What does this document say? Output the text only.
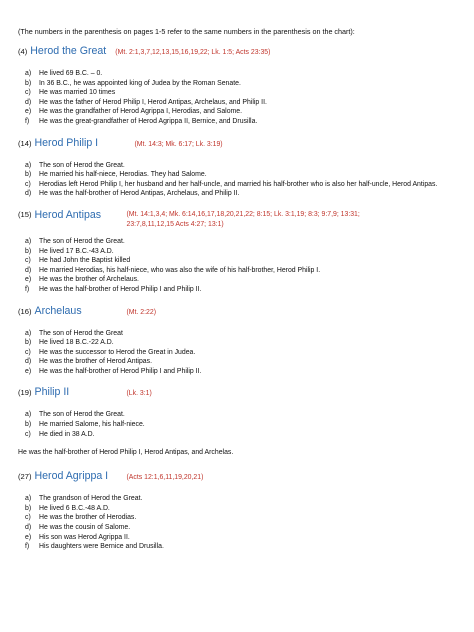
(The numbers in the parenthesis on pages 1-5 refer to the same numbers in the parenthesis on the chart):

(4) Herod the Great	(Mt. 2:1,3,7,12,13,15,16,19,22; Lk. 1:5; Acts 23:35)
a)	He lived 69 B.C. – 0.
b)	In 36 B.C., he was appointed king of Judea by the Roman Senate.
c)	He was married 10 times
d)	He was the father of Herod Philip I, Herod Antipas, Archelaus, and Philip II.
e)	He was the grandfather of Herod Agrippa I, Herodias, and Salome.
f)	He was the great-grandfather of Herod Agrippa II, Bernice, and Drusilla.
(14) Herod Philip I	(Mt. 14:3; Mk. 6:17; Lk. 3:19)
a)	The son of Herod the Great.
b)	He married his half-niece, Herodias. They had Salome.
c)	Herodias left Herod Philip I, her husband and her half-uncle, and married his half-brother who is also her half-uncle, Herod Antipas.
d)	He was the half-brother of Herod Antipas, Archelaus, and Philip II.
(15) Herod Antipas	(Mt. 14:1,3,4; Mk. 6:14,16,17,18,20,21,22; 8:15; Lk. 3:1,19; 8:3; 9:7,9; 13:31; 23:7,8,11,12,15 Acts 4:27; 13:1)
a)	The son of Herod the Great.
b)	He lived 17 B.C.-43 A.D.
c)	He had John the Baptist killed
d)	He married Herodias, his half-niece, who was also the wife of his half-brother, Herod Philip I.
e)	He was the brother of Archelaus.
f)	He was the half-brother of Herod Philip I and Philip II.
(16) Archelaus	(Mt. 2:22)
a)	The son of Herod the Great
b)	He lived 18 B.C.-22 A.D.
c)	He was the successor to Herod the Great in Judea.
d)	He was the brother of Herod Antipas.
e)	He was the half-brother of Herod Philip I and Philip II.
(19) Philip II	(Lk. 3:1)
a)	The son of Herod the Great.
b)	He married Salome, his half-niece.
c)	He died in 38 A.D.

He was the half-brother of Herod Philip I, Herod Antipas, and Archelas.

(27) Herod Agrippa I	(Acts 12:1,6,11,19,20,21)
a)	The grandson of Herod the Great.
b)	He lived 6 B.C.-48 A.D.
c)	He was the brother of Herodias.
d)	He was the cousin of Salome.
e)	His son was Herod Agrippa II.
f)	His daughters were Bernice and Drusilla.
